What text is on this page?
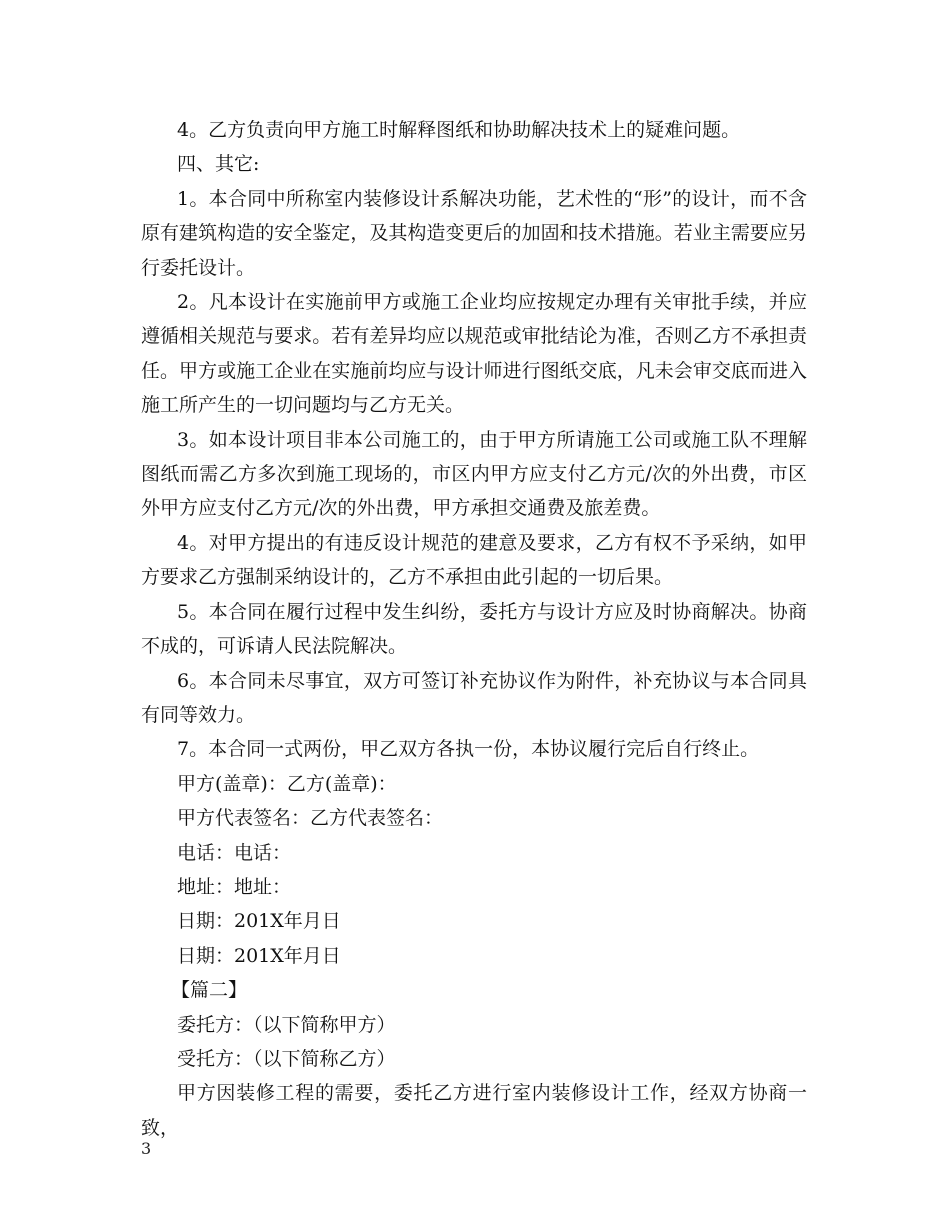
4。乙方负责向甲方施工时解释图纸和协助解决技术上的疑难问题。

四、其它:

1。本合同中所称室内装修设计系解决功能，艺术性的“形”的设计，而不含原有建筑构造的安全鉴定，及其构造变更后的加固和技术措施。若业主需要应另行委托设计。

2。凡本设计在实施前甲方或施工企业均应按规定办理有关审批手续，并应遵循相关规范与要求。若有差异均应以规范或审批结论为准，否则乙方不承担责任。甲方或施工企业在实施前均应与设计师进行图纸交底，凡未会审交底而进入施工所产生的一切问题均与乙方无关。

3。如本设计项目非本公司施工的，由于甲方所请施工公司或施工队不理解图纸而需乙方多次到施工现场的，市区内甲方应支付乙方元/次的外出费，市区外甲方应支付乙方元/次的外出费，甲方承担交通费及旅差费。

4。对甲方提出的有违反设计规范的建意及要求，乙方有权不予采纳，如甲方要求乙方强制采纳设计的，乙方不承担由此引起的一切后果。

5。本合同在履行过程中发生纠纷，委托方与设计方应及时协商解决。协商不成的，可诉请人民法院解决。

6。本合同未尽事宜，双方可签订补充协议作为附件，补充协议与本合同具有同等效力。

7。本合同一式两份，甲乙双方各执一份，本协议履行完后自行终止。

甲方(盖章)：乙方(盖章)：

甲方代表签名：乙方代表签名：

电话：电话：

地址：地址：

日期：201X年月日

日期：201X年月日

【篇二】

委托方：（以下简称甲方）

受托方：（以下简称乙方）

甲方因装修工程的需要，委托乙方进行室内装修设计工作，经双方协商一致，

3
